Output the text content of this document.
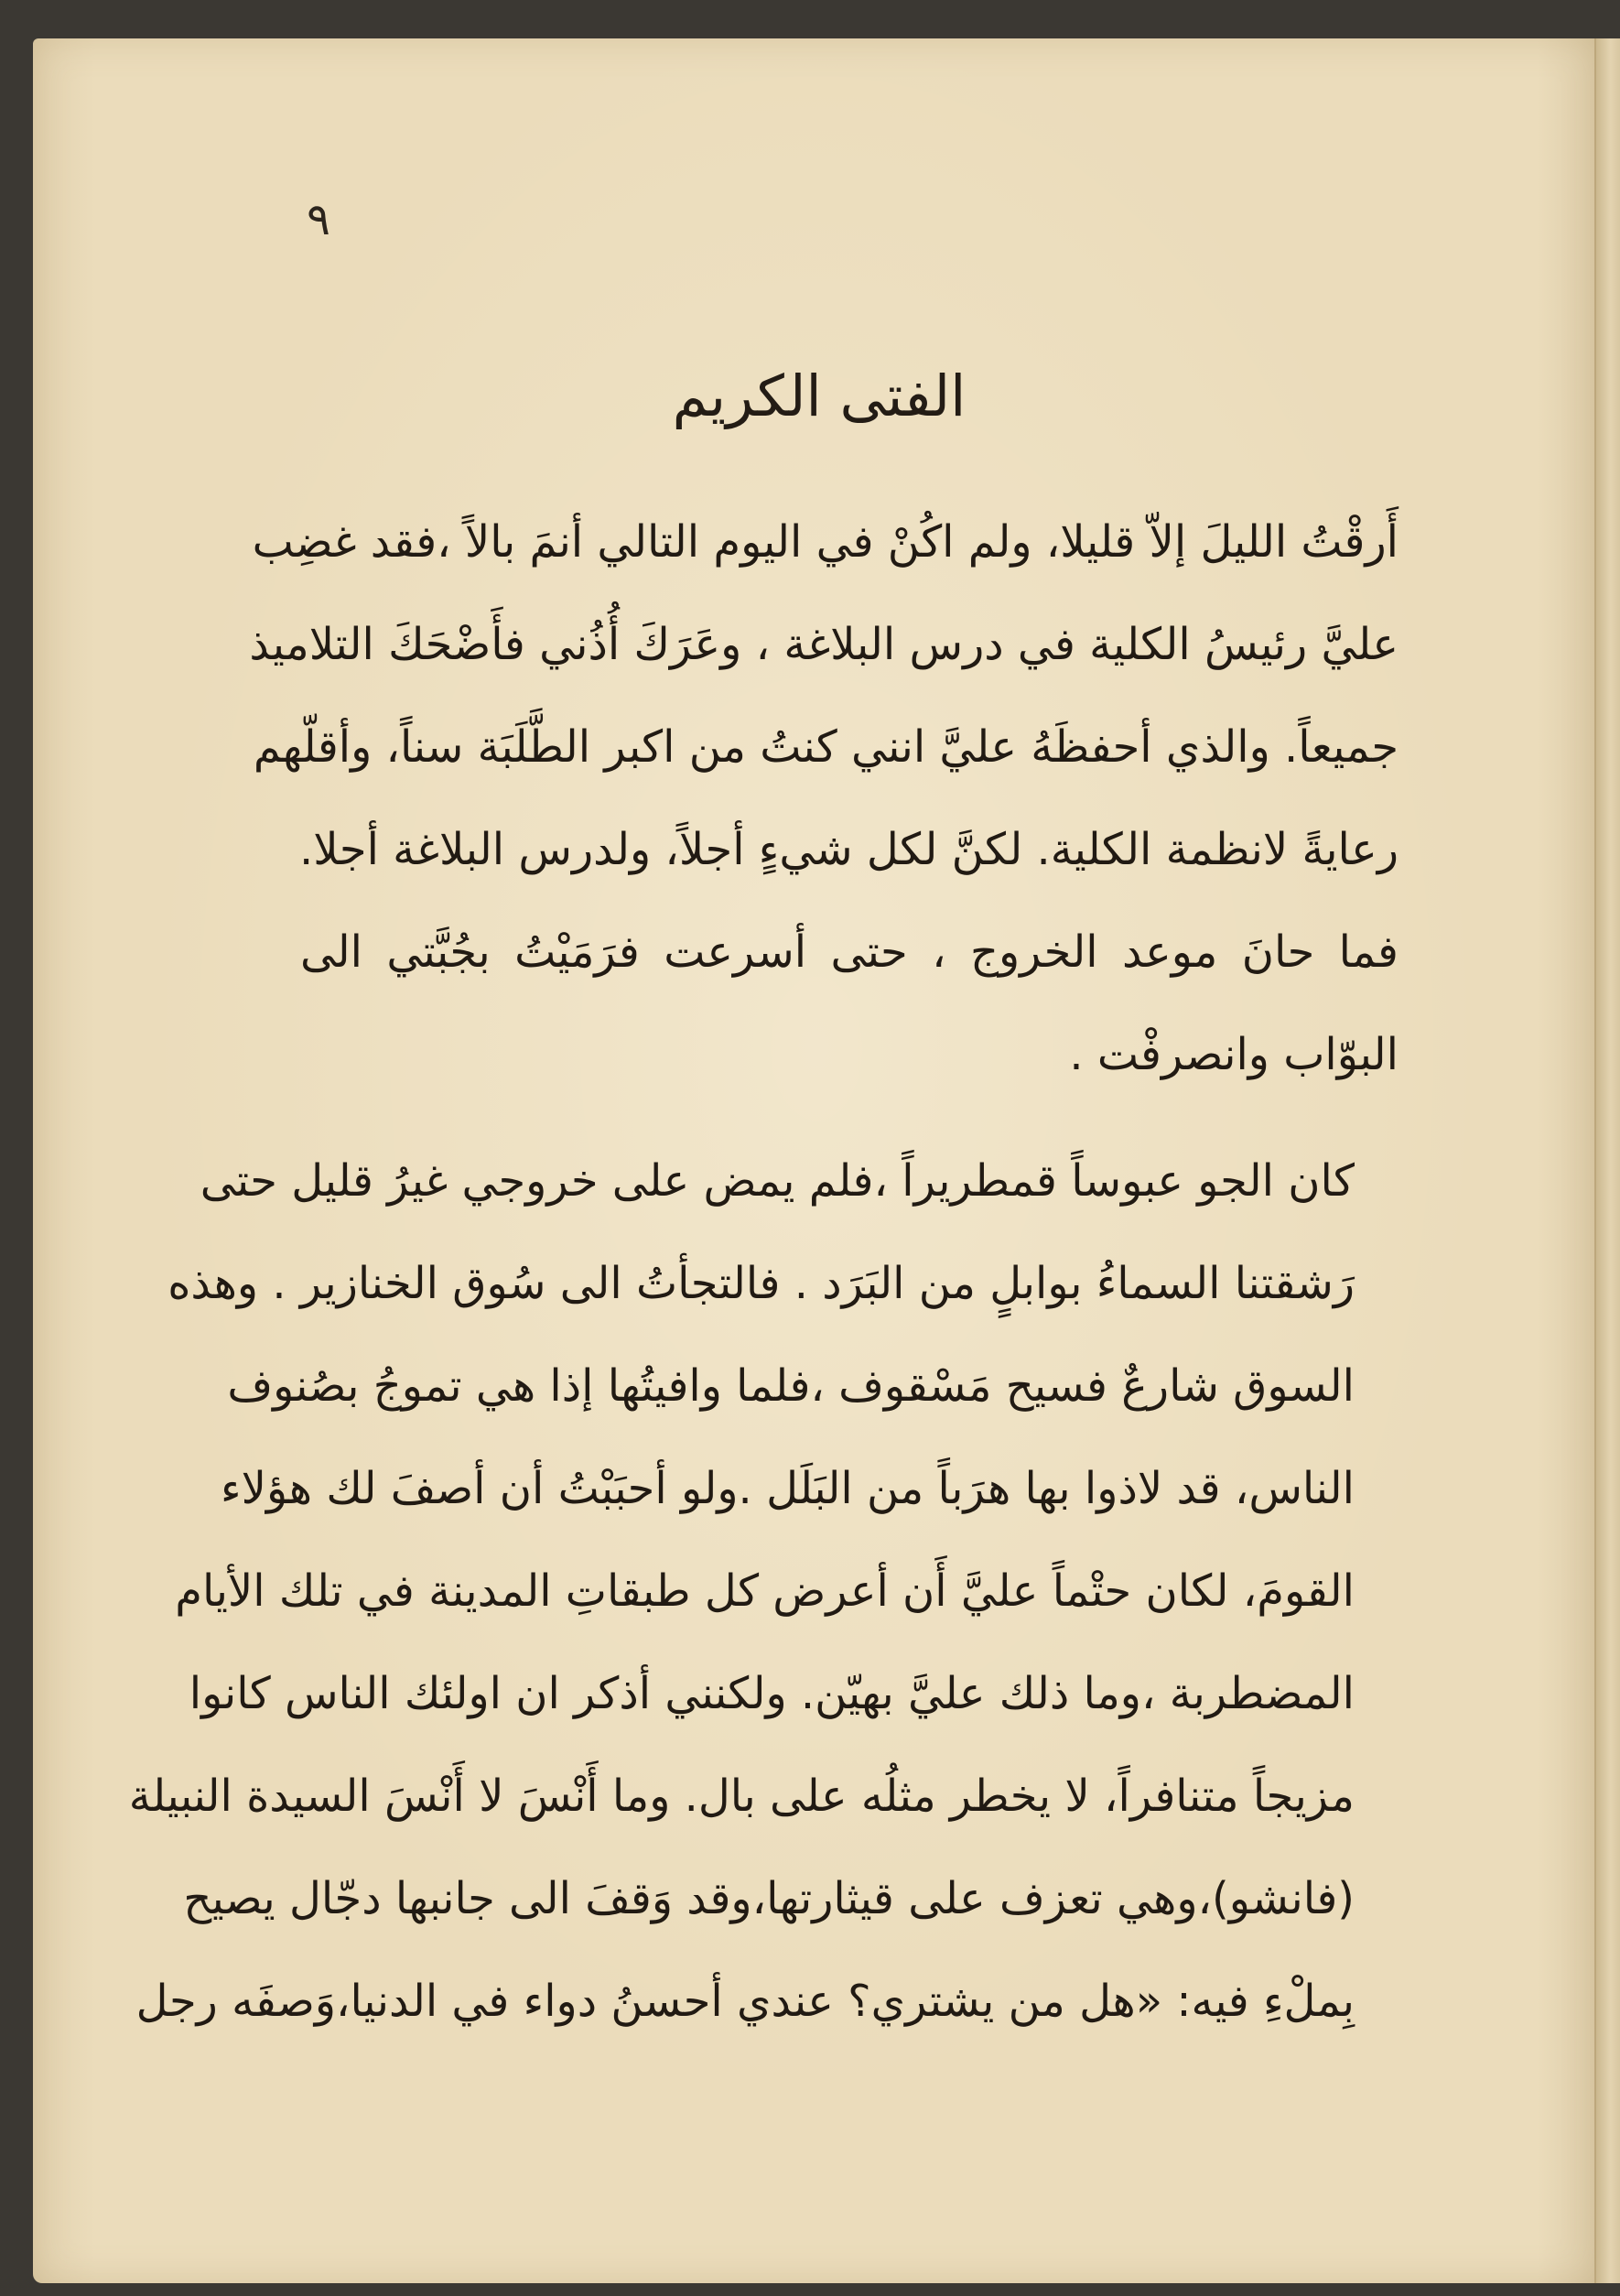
٩
الفتى الكريم

أَرقْتُ الليلَ إلاّ قليلا، ولم اكُنْ في اليوم التالي أنمَ بالاً ،فقد غضِب
عليَّ رئيسُ الكلية في درس البلاغة ، وعَرَكَ أُذُني فأَضْحَكَ التلاميذ
جميعاً. والذي أحفظَهُ عليَّ انني كنتُ من اكبر الطَّلَبَة سناً، وأقلّهم
رعايةً لانظمة الكلية. لكنَّ لكل شيءٍ أجلاً، ولدرس البلاغة أجلا.
فما حانَ موعد الخروج ، حتى أسرعت فرَمَيْتُ بجُبَّتي الى
البوّاب وانصرفْت .

كان الجو عبوساً قمطريراً ،فلم يمض على خروجي غيرُ قليل حتى
رَشقتنا السماءُ بوابلٍ من البَرَد . فالتجأتُ الى سُوق الخنازير . وهذه
السوق شارعٌ فسيح مَسْقوف ،فلما وافيتُها إذا هي تموجُ بصُنوف
الناس، قد لاذوا بها هرَباً من البَلَل .ولو أحبَبْتُ أن أصفَ لك هؤلاء
القومَ، لكان حتْماً عليَّ أَن أعرض كل طبقاتِ المدينة في تلك الأيام
المضطربة ،وما ذلك عليَّ بهيّن. ولكنني أذكر ان اولئك الناس كانوا
مزيجاً متنافراً، لا يخطر مثلُه على بال. وما أَنْسَ لا أَنْسَ السيدة النبيلة
(فانشو)،وهي تعزف على قيثارتها،وقد وَقفَ الى جانبها دجّال يصيح
بِملْءِ فيه: «هل من يشتري؟ عندي أحسنُ دواء في الدنيا،وَصفَه رجل
